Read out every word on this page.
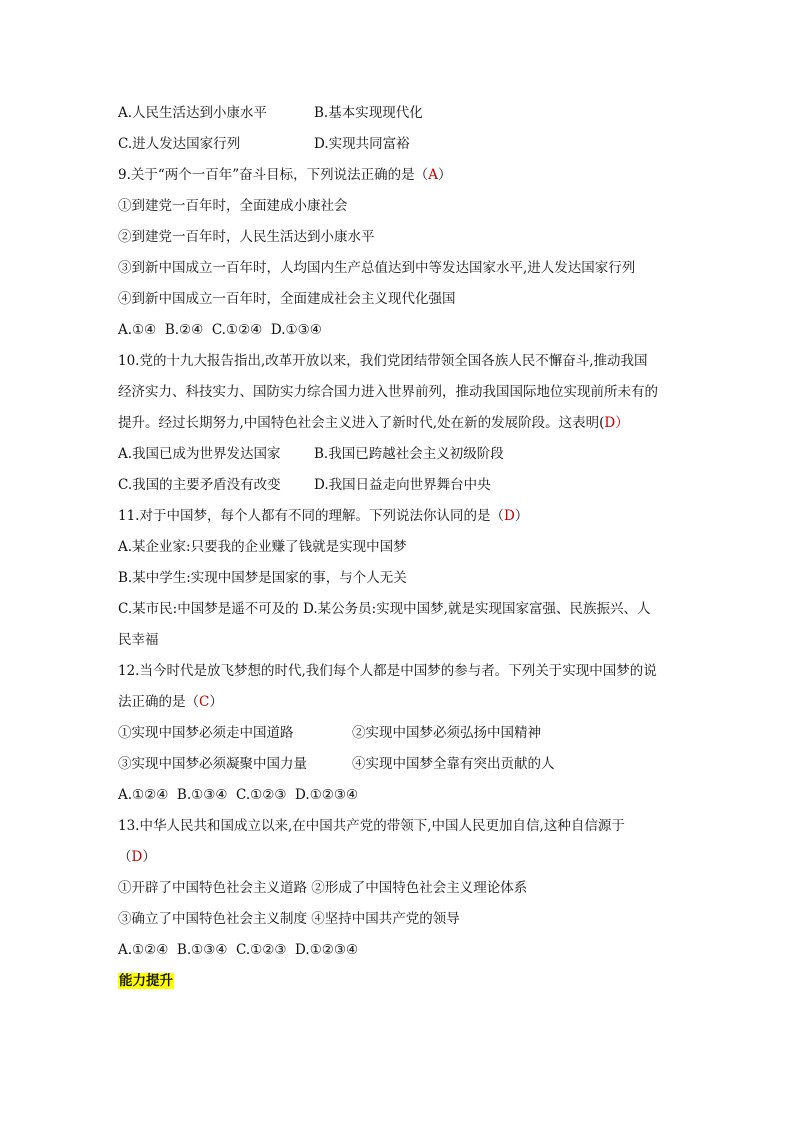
A.人民生活达到小康水平	B.基本实现现代化
C.进人发达国家行列	D.实现共同富裕
9.关于“两个一百年”奋斗目标，下列说法正确的是（A）
①到建党一百年时，全面建成小康社会
②到建党一百年时，人民生活达到小康水平
③到新中国成立一百年时，人均国内生产总值达到中等发达国家水平,进人发达国家行列
④到新中国成立一百年时，全面建成社会主义现代化强国
A.①④  B.②④  C.①②④  D.①③④
10.党的十九大报告指出,改革开放以来，我们党团结带领全国各族人民不懈奋斗,推动我国
经济实力、科技实力、国防实力综合国力进入世界前列，推动我国国际地位实现前所未有的
提升。经过长期努力,中国特色社会主义进入了新时代,处在新的发展阶段。这表明(D）
A.我国已成为世界发达国家	B.我国已跨越社会主义初级阶段
C.我国的主要矛盾没有改变	D.我国日益走向世界舞台中央
11.对于中国梦，每个人都有不同的理解。下列说法你认同的是（D）
A.某企业家:只要我的企业赚了钱就是实现中国梦
B.某中学生:实现中国梦是国家的事，与个人无关
C.某市民:中国梦是遥不可及的 D.某公务员:实现中国梦,就是实现国家富强、民族振兴、人
民幸福
12.当今时代是放飞梦想的时代,我们每个人都是中国梦的参与者。下列关于实现中国梦的说
法正确的是（C）
①实现中国梦必须走中国道路	②实现中国梦必须弘扬中国精神
③实现中国梦必须凝聚中国力量	④实现中国梦全靠有突出贡献的人
A.①②④  B.①③④  C.①②③  D.①②③④
13.中华人民共和国成立以来,在中国共产党的带领下,中国人民更加自信,这种自信源于
（D）
①开辟了中国特色社会主义道路 ②形成了中国特色社会主义理论体系
③确立了中国特色社会主义制度 ④坚持中国共产党的领导
A.①②④  B.①③④  C.①②③  D.①②③④
能力提升
